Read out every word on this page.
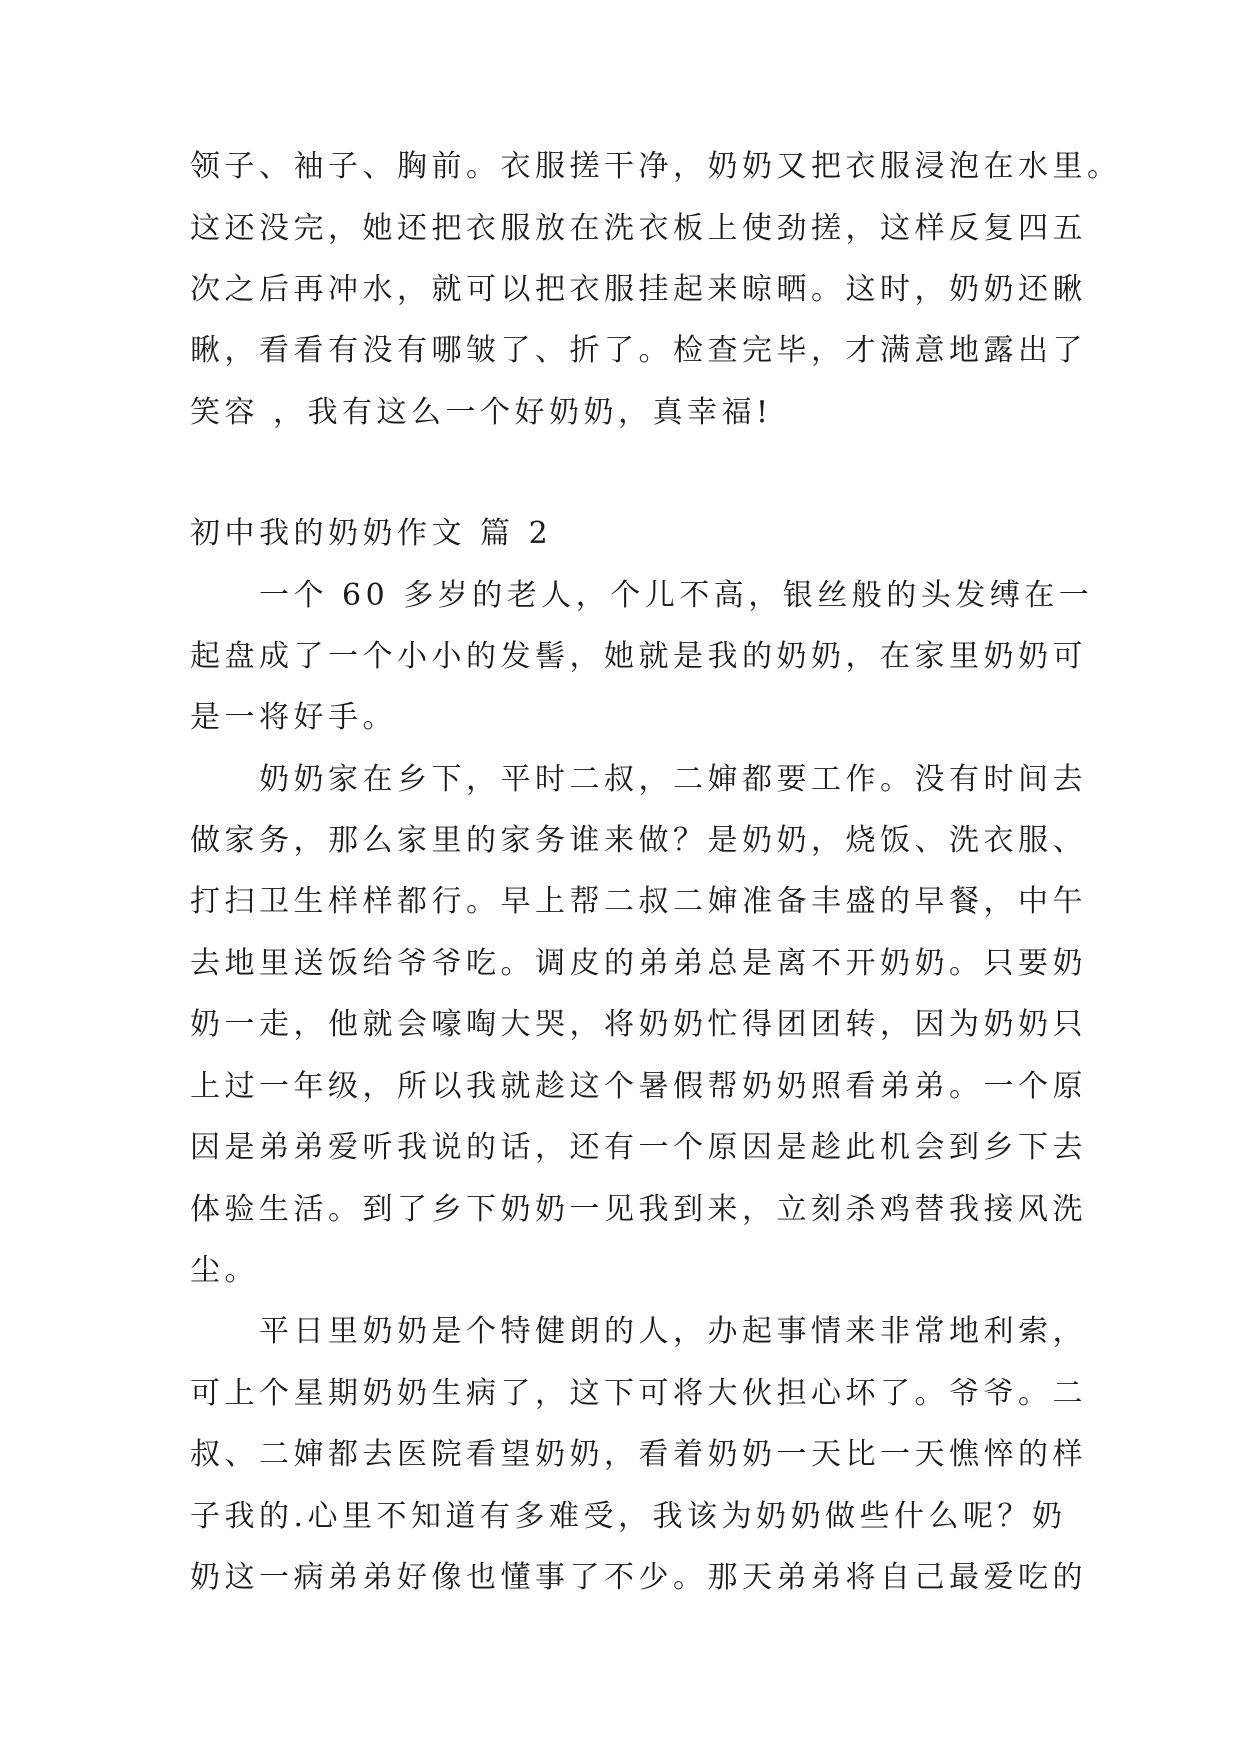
领子、袖子、胸前。衣服搓干净，奶奶又把衣服浸泡在水里。
这还没完，她还把衣服放在洗衣板上使劲搓，这样反复四五
次之后再冲水，就可以把衣服挂起来晾晒。这时，奶奶还瞅
瞅，看看有没有哪皱了、折了。检查完毕，才满意地露出了
笑容 ，我有这么一个好奶奶，真幸福!
初中我的奶奶作文 篇 2
　　一个 60 多岁的老人，个儿不高，银丝般的头发缚在一
起盘成了一个小小的发髻，她就是我的奶奶，在家里奶奶可
是一将好手。
　　奶奶家在乡下，平时二叔，二婶都要工作。没有时间去
做家务，那么家里的家务谁来做？是奶奶，烧饭、洗衣服、
打扫卫生样样都行。早上帮二叔二婶准备丰盛的早餐，中午
去地里送饭给爷爷吃。调皮的弟弟总是离不开奶奶。只要奶
奶一走，他就会嚎啕大哭，将奶奶忙得团团转，因为奶奶只
上过一年级，所以我就趁这个暑假帮奶奶照看弟弟。一个原
因是弟弟爱听我说的话，还有一个原因是趁此机会到乡下去
体验生活。到了乡下奶奶一见我到来，立刻杀鸡替我接风洗
尘。
　　平日里奶奶是个特健朗的人，办起事情来非常地利索，
可上个星期奶奶生病了，这下可将大伙担心坏了。爷爷。二
叔、二婶都去医院看望奶奶，看着奶奶一天比一天憔悴的样
子我的.心里不知道有多难受，我该为奶奶做些什么呢？奶
奶这一病弟弟好像也懂事了不少。那天弟弟将自己最爱吃的
